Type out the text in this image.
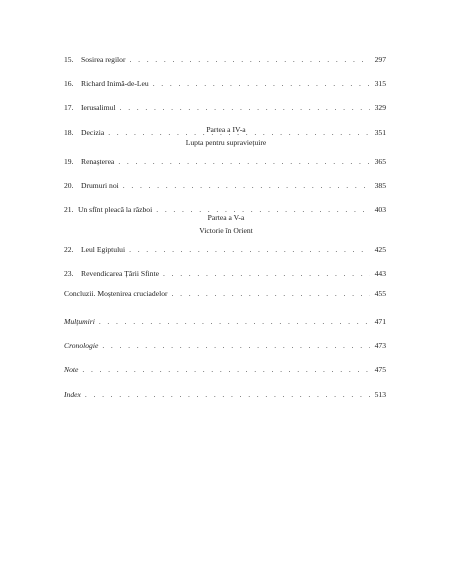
15. Sosirea regilor . . .	297
16. Richard Inimă-de-Leu . . .	315
17. Ierusalimul . . .	329
18. Decizia . . .	351
Partea a IV-a
Lupta pentru supraviețuire
19. Renașterea . . .	365
20. Drumuri noi . . .	385
21. Un sfînt pleacă la război . . .	403
Partea a V-a
Victorie în Orient
22. Leul Egiptului . . .	425
23. Revendicarea Țării Sfinte . . .	443
Concluzii. Moștenirea cruciadelor . . .	455
Mulțumiri . . .	471
Cronologie . . .	473
Note . . .	475
Index . . .	513
